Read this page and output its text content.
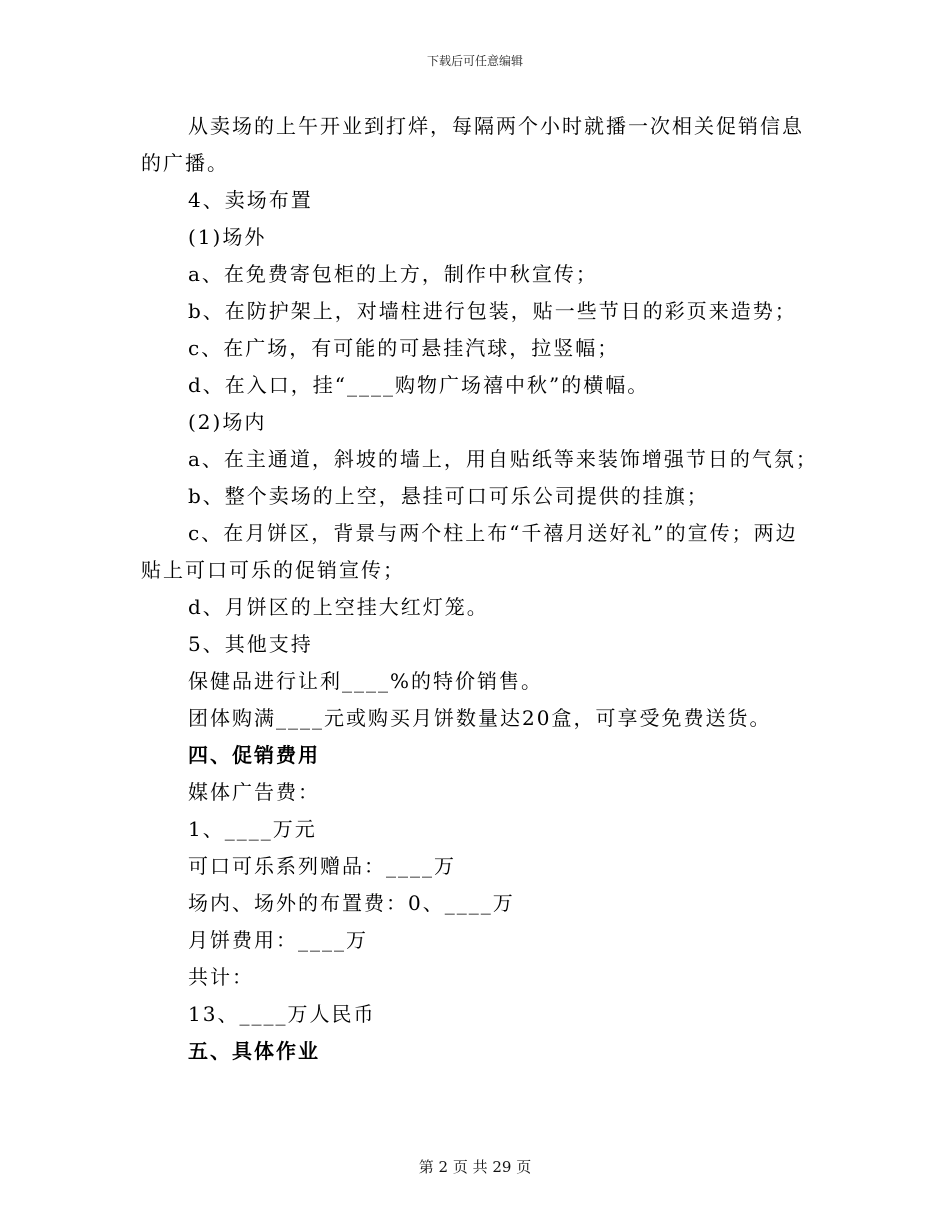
下载后可任意编辑
从卖场的上午开业到打烊，每隔两个小时就播一次相关促销信息
的广播。
4、卖场布置
(1)场外
a、在免费寄包柜的上方，制作中秋宣传；
b、在防护架上，对墙柱进行包装，贴一些节日的彩页来造势；
c、在广场，有可能的可悬挂汽球，拉竖幅；
d、在入口，挂“____购物广场禧中秋”的横幅。
(2)场内
a、在主通道，斜坡的墙上，用自贴纸等来装饰增强节日的气氛；
b、整个卖场的上空，悬挂可口可乐公司提供的挂旗；
c、在月饼区，背景与两个柱上布“千禧月送好礼”的宣传；两边
贴上可口可乐的促销宣传；
d、月饼区的上空挂大红灯笼。
5、其他支持
保健品进行让利____%的特价销售。
团体购满____元或购买月饼数量达20盒，可享受免费送货。
四、促销费用
媒体广告费：
1、____万元
可口可乐系列赠品：____万
场内、场外的布置费：0、____万
月饼费用：____万
共计：
13、____万人民币
五、具体作业
第 2 页 共 29 页
